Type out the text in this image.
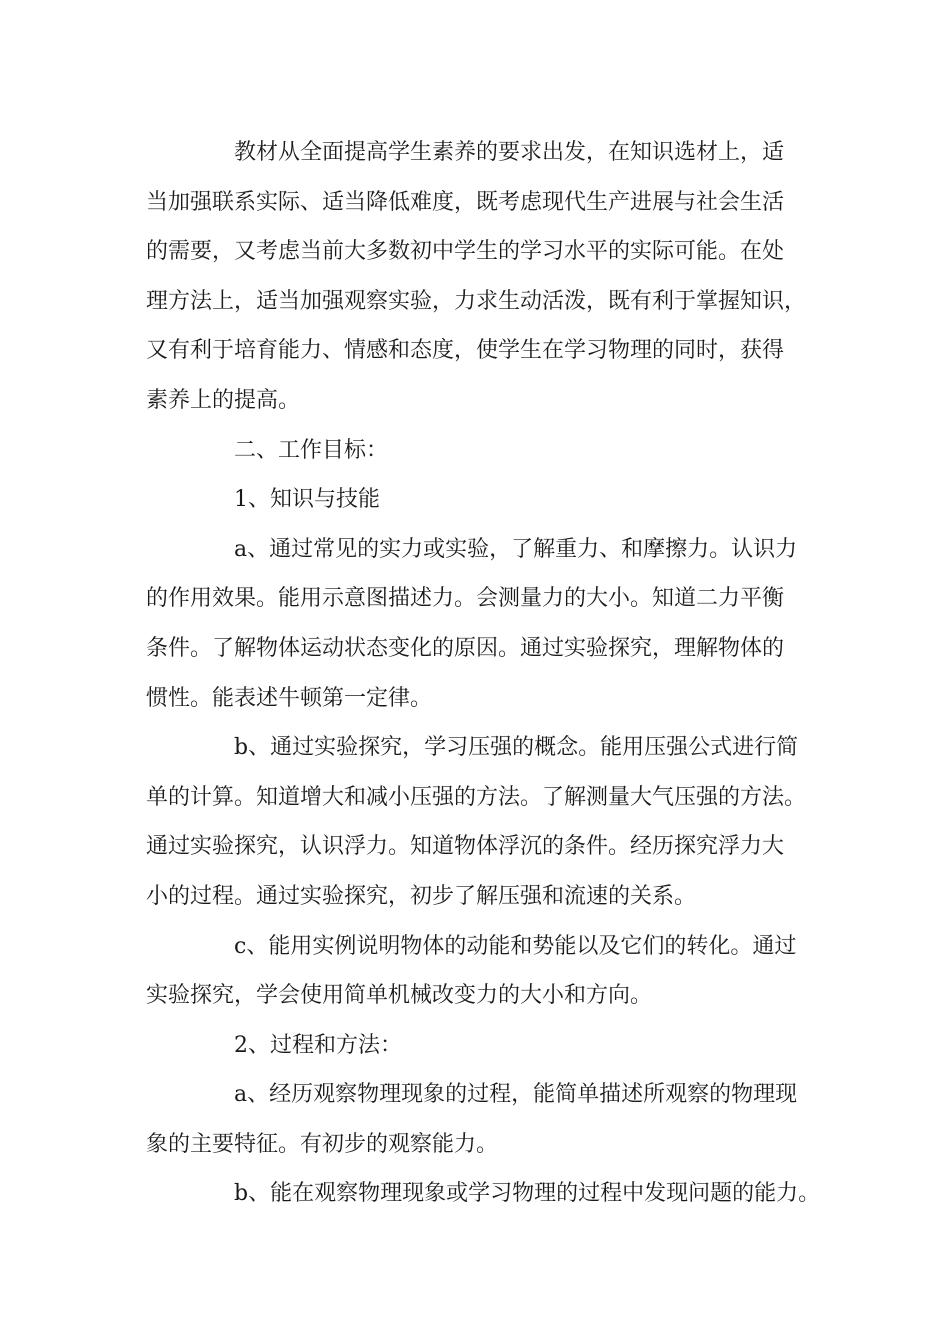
教材从全面提高学生素养的要求出发，在知识选材上，适
当加强联系实际、适当降低难度，既考虑现代生产进展与社会生活
的需要，又考虑当前大多数初中学生的学习水平的实际可能。在处
理方法上，适当加强观察实验，力求生动活泼，既有利于掌握知识，
又有利于培育能力、情感和态度，使学生在学习物理的同时，获得
素养上的提高。
二、工作目标：
1、知识与技能
a、通过常见的实力或实验，了解重力、和摩擦力。认识力
的作用效果。能用示意图描述力。会测量力的大小。知道二力平衡
条件。了解物体运动状态变化的原因。通过实验探究，理解物体的
惯性。能表述牛顿第一定律。
b、通过实验探究，学习压强的概念。能用压强公式进行简
单的计算。知道增大和减小压强的方法。了解测量大气压强的方法。
通过实验探究，认识浮力。知道物体浮沉的条件。经历探究浮力大
小的过程。通过实验探究，初步了解压强和流速的关系。
c、能用实例说明物体的动能和势能以及它们的转化。通过
实验探究，学会使用简单机械改变力的大小和方向。
2、过程和方法：
a、经历观察物理现象的过程，能简单描述所观察的物理现
象的主要特征。有初步的观察能力。
b、能在观察物理现象或学习物理的过程中发现问题的能力。
